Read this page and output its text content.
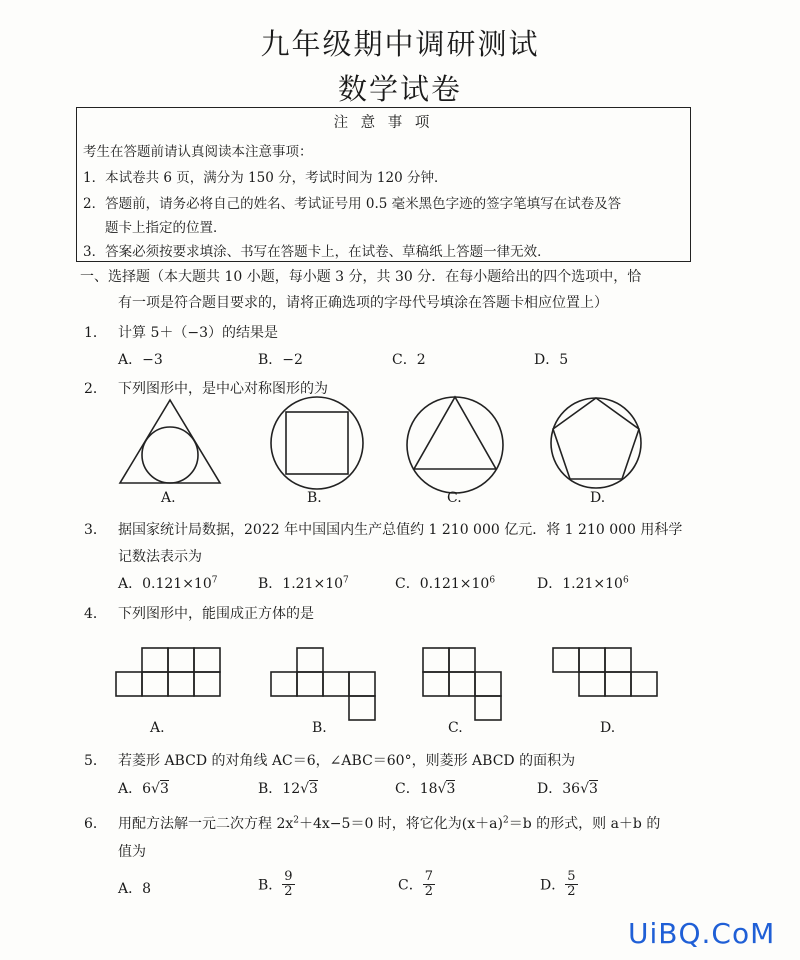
九年级期中调研测试
数学试卷
注 意 事 项
考生在答题前请认真阅读本注意事项：
1．本试卷共 6 页，满分为 150 分，考试时间为 120 分钟．
2．答题前，请务必将自己的姓名、考试证号用 0.5 毫米黑色字迹的签字笔填写在试卷及答
题卡上指定的位置．
3．答案必须按要求填涂、书写在答题卡上，在试卷、草稿纸上答题一律无效．
一、选择题（本大题共 10 小题，每小题 3 分，共 30 分．在每小题给出的四个选项中，恰
有一项是符合题目要求的，请将正确选项的字母代号填涂在答题卡相应位置上）
1． 计算 5＋（−3）的结果是
A．−3	B．−2	C．2	D．5
2． 下列图形中，是中心对称图形的为
A.	B.	C.	D.
3． 据国家统计局数据，2022 年中国国内生产总值约 1 210 000 亿元．将 1 210 000 用科学
记数法表示为
A．$0.121\times 10^7$	B．$1.21\times 10^7$	C．$0.121\times 10^6$	D．$1.21\times 10^6$
4． 下列图形中，能围成正方体的是
A.	B.	C.	D.
5． 若菱形 ABCD 的对角线 AC＝6，∠ABC＝60°，则菱形 ABCD 的面积为
A．6√3	B．12√3	C．18√3	D．36√3
6． 用配方法解一元二次方程 $2x^2+4x-5=0$ 时，将它化为$(x+a)^2=b$ 的形式，则 a＋b 的
值为
A．8	B． $\frac{9}{2}$	C． $\frac{7}{2}$	D． $\frac{5}{2}$
UiBQ.CoM
